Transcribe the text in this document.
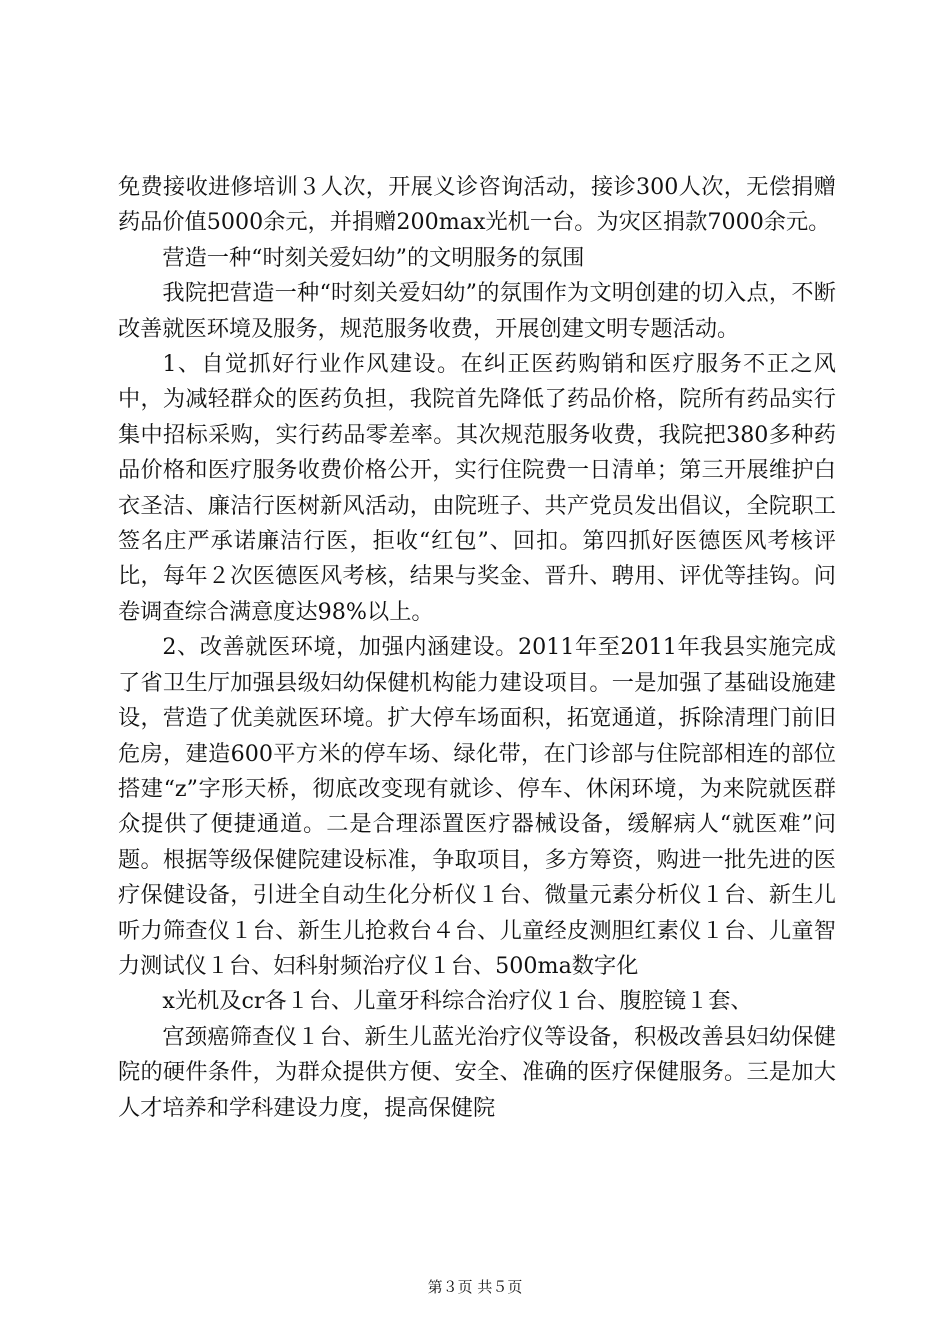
免费接收进修培训３人次，开展义诊咨询活动，接诊300人次，无偿捐赠药品价值5000余元，并捐赠200max光机一台。为灾区捐款7000余元。

营造一种“时刻关爱妇幼”的文明服务的氛围

我院把营造一种“时刻关爱妇幼”的氛围作为文明创建的切入点，不断改善就医环境及服务，规范服务收费，开展创建文明专题活动。

1、自觉抓好行业作风建设。在纠正医药购销和医疗服务不正之风中，为减轻群众的医药负担，我院首先降低了药品价格，院所有药品实行集中招标采购，实行药品零差率。其次规范服务收费，我院把380多种药品价格和医疗服务收费价格公开，实行住院费一日清单；第三开展维护白衣圣洁、廉洁行医树新风活动，由院班子、共产党员发出倡议，全院职工签名庄严承诺廉洁行医，拒收“红包”、回扣。第四抓好医德医风考核评比，每年２次医德医风考核，结果与奖金、晋升、聘用、评优等挂钩。问卷调查综合满意度达98%以上。

2、改善就医环境，加强内涵建设。2011年至2011年我县实施完成了省卫生厅加强县级妇幼保健机构能力建设项目。一是加强了基础设施建设，营造了优美就医环境。扩大停车场面积，拓宽通道，拆除清理门前旧危房，建造600平方米的停车场、绿化带，在门诊部与住院部相连的部位搭建“z”字形天桥，彻底改变现有就诊、停车、休闲环境，为来院就医群众提供了便捷通道。二是合理添置医疗器械设备，缓解病人“就医难”问题。根据等级保健院建设标准，争取项目，多方筹资，购进一批先进的医疗保健设备，引进全自动生化分析仪１台、微量元素分析仪１台、新生儿听力筛查仪１台、新生儿抢救台４台、儿童经皮测胆红素仪１台、儿童智力测试仪１台、妇科射频治疗仪１台、500ma数字化

x光机及cr各１台、儿童牙科综合治疗仪１台、腹腔镜１套、

宫颈癌筛查仪１台、新生儿蓝光治疗仪等设备，积极改善县妇幼保健院的硬件条件，为群众提供方便、安全、准确的医疗保健服务。三是加大人才培养和学科建设力度，提高保健院

第３页 共５页
